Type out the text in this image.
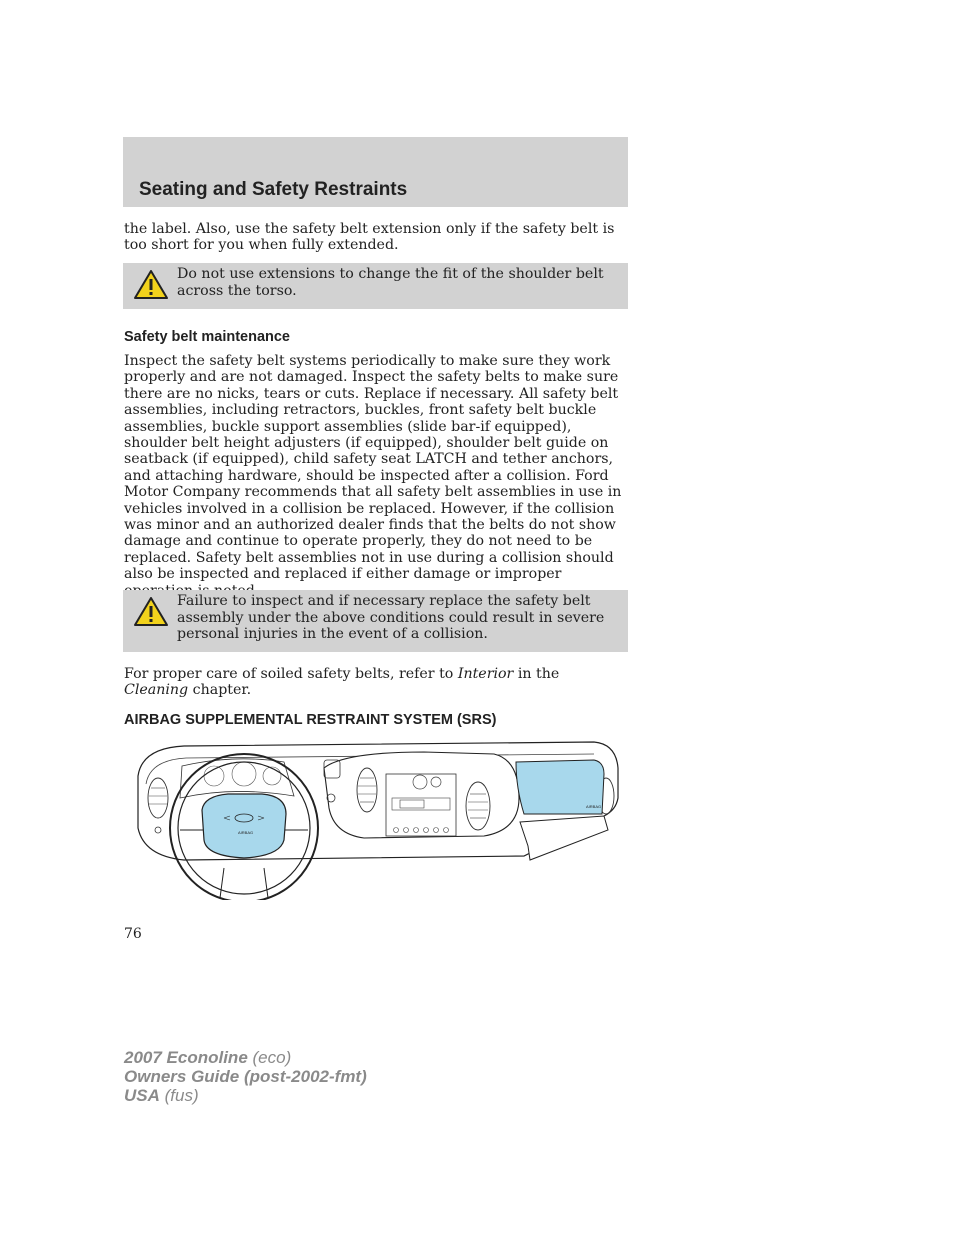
Seating and Safety Restraints
the label. Also, use the safety belt extension only if the safety belt is too short for you when fully extended.
Do not use extensions to change the fit of the shoulder belt across the torso.
Safety belt maintenance
Inspect the safety belt systems periodically to make sure they work properly and are not damaged. Inspect the safety belts to make sure there are no nicks, tears or cuts. Replace if necessary. All safety belt assemblies, including retractors, buckles, front safety belt buckle assemblies, buckle support assemblies (slide bar-if equipped), shoulder belt height adjusters (if equipped), shoulder belt guide on seatback (if equipped), child safety seat LATCH and tether anchors, and attaching hardware, should be inspected after a collision. Ford Motor Company recommends that all safety belt assemblies in use in vehicles involved in a collision be replaced. However, if the collision was minor and an authorized dealer finds that the belts do not show damage and continue to operate properly, they do not need to be replaced. Safety belt assemblies not in use during a collision should also be inspected and replaced if either damage or improper
Failure to inspect and if necessary replace the safety belt assembly under the above conditions could result in severe personal injuries in the event of a collision.
For proper care of soiled safety belts, refer to Interior in the Cleaning chapter.
AIRBAG SUPPLEMENTAL RESTRAINT SYSTEM (SRS)
AIRBAG
AIRBAG
76
2007 Econoline (eco)
Owners Guide (post-2002-fmt)
USA (fus)
